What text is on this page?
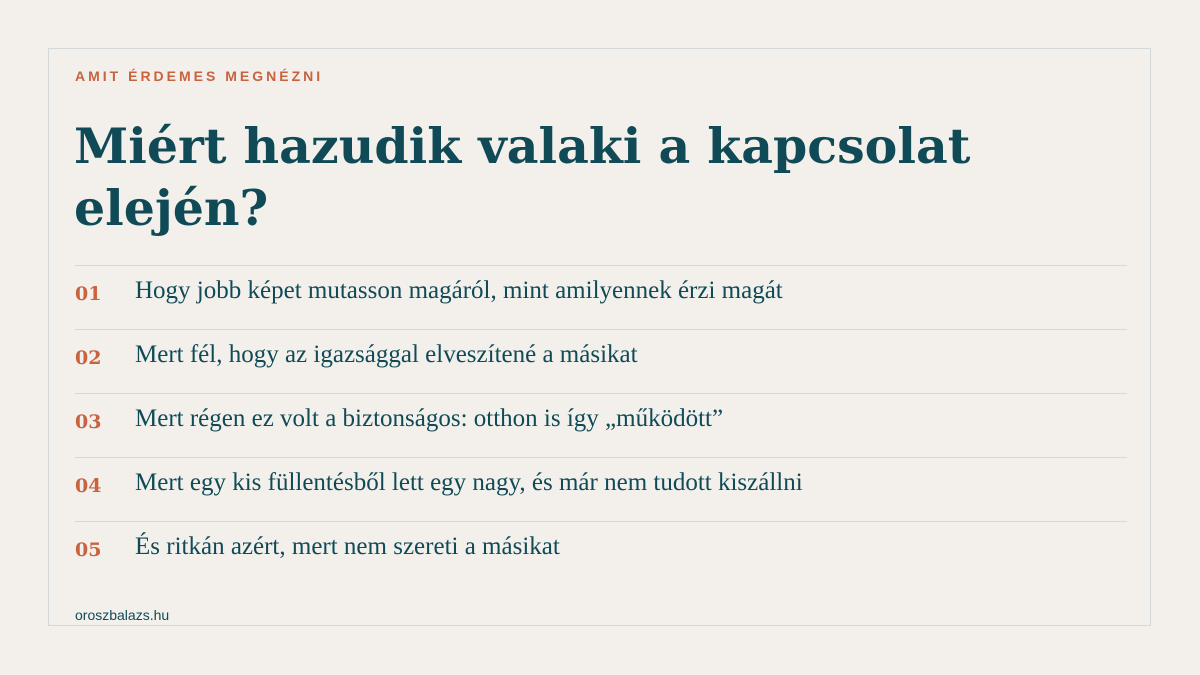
AMIT ÉRDEMES MEGNÉZNI
Miért hazudik valaki a kapcsolat elején?
01 Hogy jobb képet mutasson magáról, mint amilyennek érzi magát
02 Mert fél, hogy az igazsággal elveszítené a másikat
03 Mert régen ez volt a biztonságos: otthon is így „működött”
04 Mert egy kis füllentésből lett egy nagy, és már nem tudott kiszállni
05 És ritkán azért, mert nem szereti a másikat
oroszbalazs.hu
